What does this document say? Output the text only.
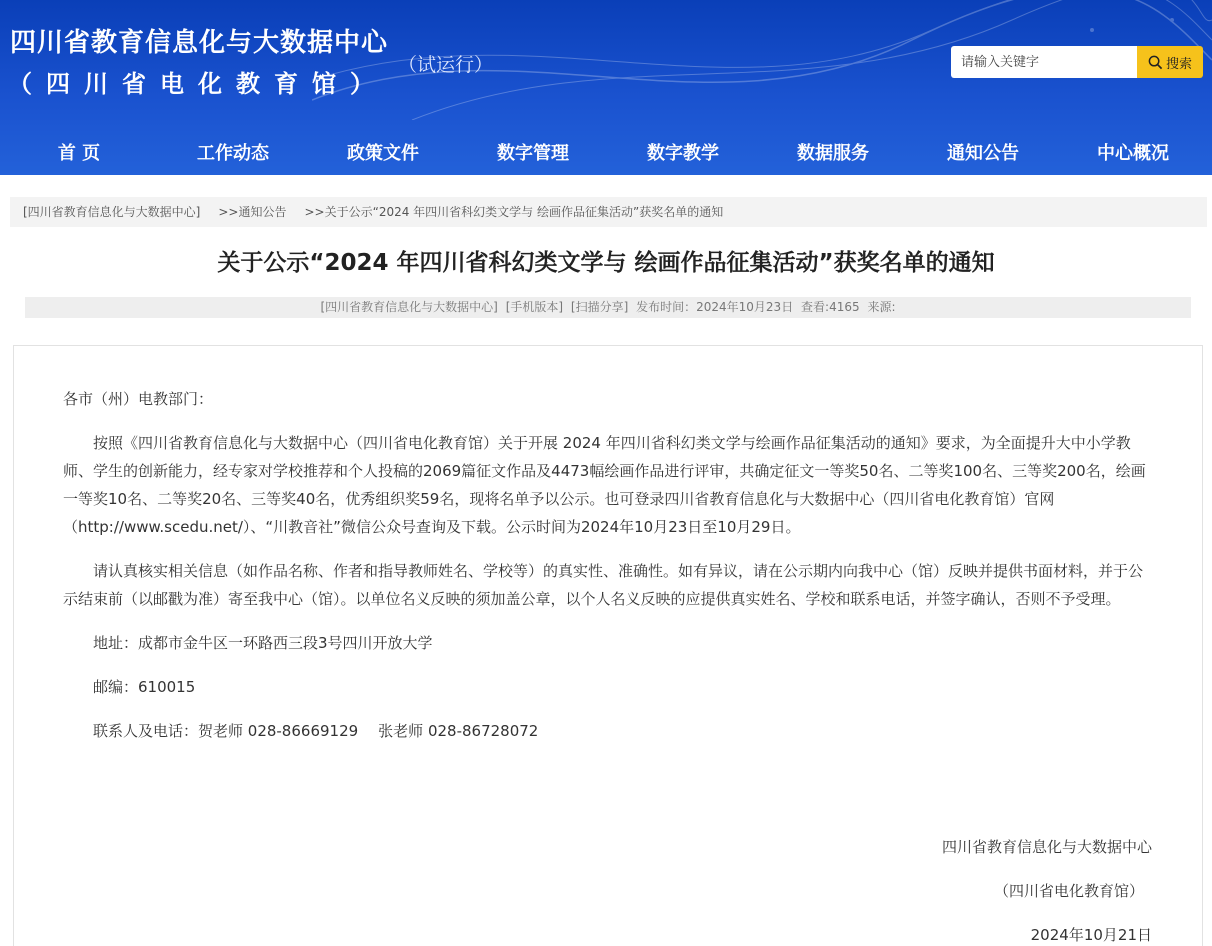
四川省教育信息化与大数据中心
（四川省电化教育馆）
（试运行）
请输入关键字	搜索
首 页	工作动态	政策文件	数字管理	数字教学	数据服务	通知公告	中心概况
[四川省教育信息化与大数据中心] >>通知公告 >>关于公示“2024 年四川省科幻类文学与 绘画作品征集活动”获奖名单的通知
关于公示“2024 年四川省科幻类文学与 绘画作品征集活动”获奖名单的通知
[四川省教育信息化与大数据中心] [手机版本] [扫描分享] 发布时间：2024年10月23日 查看:4165 来源:

各市（州）电教部门：

按照《四川省教育信息化与大数据中心（四川省电化教育馆）关于开展 2024 年四川省科幻类文学与绘画作品征集活动的通知》要求，为全面提升大中小学教师、学生的创新能力，经专家对学校推荐和个人投稿的2069篇征文作品及4473幅绘画作品进行评审，共确定征文一等奖50名、二等奖100名、三等奖200名，绘画一等奖10名、二等奖20名、三等奖40名，优秀组织奖59名，现将名单予以公示。也可登录四川省教育信息化与大数据中心（四川省电化教育馆）官网（http://www.scedu.net/）、“川教音社”微信公众号查询及下载。公示时间为2024年10月23日至10月29日。

请认真核实相关信息（如作品名称、作者和指导教师姓名、学校等）的真实性、准确性。如有异议，请在公示期内向我中心（馆）反映并提供书面材料，并于公示结束前（以邮戳为准）寄至我中心（馆）。以单位名义反映的须加盖公章，以个人名义反映的应提供真实姓名、学校和联系电话，并签字确认，否则不予受理。

地址：成都市金牛区一环路西三段3号四川开放大学

邮编：610015

联系人及电话：贺老师 028-86669129 张老师 028-86728072

四川省教育信息化与大数据中心
（四川省电化教育馆）
2024年10月21日
